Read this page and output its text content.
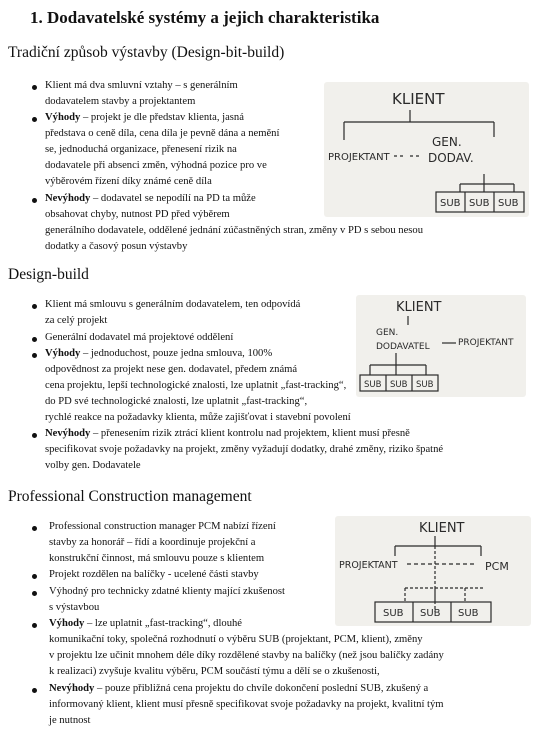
1. Dodavatelské systémy a jejich charakteristika
Tradiční způsob výstavby (Design-bit-build)
Klient má dva smluvní vztahy – s generálním
dodavatelem stavby a projektantem
Výhody – projekt je dle představ klienta, jasná
představa o ceně díla, cena díla je pevně dána a nemění
se, jednoduchá organizace, přenesení rizik na
dodavatele při absenci změn, výhodná pozice pro ve
výběrovém řízení díky známé ceně díla
Nevýhody – dodavatel se nepodílí na PD ta může
obsahovat chyby, nutnost PD před výběrem
generálního dodavatele, oddělené jednání zúčastněných stran, změny v PD s sebou nesou
dodatky a časový posun výstavby
KLIENT
PROJEKTANT
GEN.
DODAV.
SUB SUB SUB
Design-build
Klient má smlouvu s generálním dodavatelem, ten odpovídá
za celý projekt
Generální dodavatel má projektové oddělení
Výhody – jednoduchost, pouze jedna smlouva, 100%
odpovědnost za projekt nese gen. dodavatel, předem známá
cena projektu, lepší technologické znalosti, lze uplatnit „fast-tracking“,
do PD své technologické znalosti, lze uplatnit „fast-tracking“,
rychlé reakce na požadavky klienta, může zajišťovat i stavební povolení
Nevýhody – přenesením rizik ztrácí klient kontrolu nad projektem, klient musí přesně
specifikovat svoje požadavky na projekt, změny vyžadují dodatky, drahé změny, riziko špatné
volby gen. Dodavatele
KLIENT
GEN.
DODAVATEL	PROJEKTANT
SUB SUB SUB
Professional Construction management
Professional construction manager PCM nabízí řízení
stavby za honorář – řídí a koordinuje projekční a
konstrukční činnost, má smlouvu pouze s klientem
Projekt rozdělen na balíčky - ucelené části stavby
Výhodný pro technicky zdatné klienty mající zkušenost
s výstavbou
Výhody – lze uplatnit „fast-tracking“, dlouhé
komunikační toky, společná rozhodnutí o výběru SUB (projektant, PCM, klient), změny
v projektu lze učinit mnohem déle díky rozdělené stavby na balíčky (než jsou balíčky zadány
k realizaci) zvyšuje kvalitu výběru, PCM součástí týmu a dělí se o zkušenosti,
Nevýhody – pouze přibližná cena projektu do chvíle dokončení poslední SUB, zkušený a
informovaný klient, klient musí přesně specifikovat svoje požadavky na projekt, kvalitní tým
je nutnost
KLIENT
PROJEKTANT	PCM
SUB SUB SUB
